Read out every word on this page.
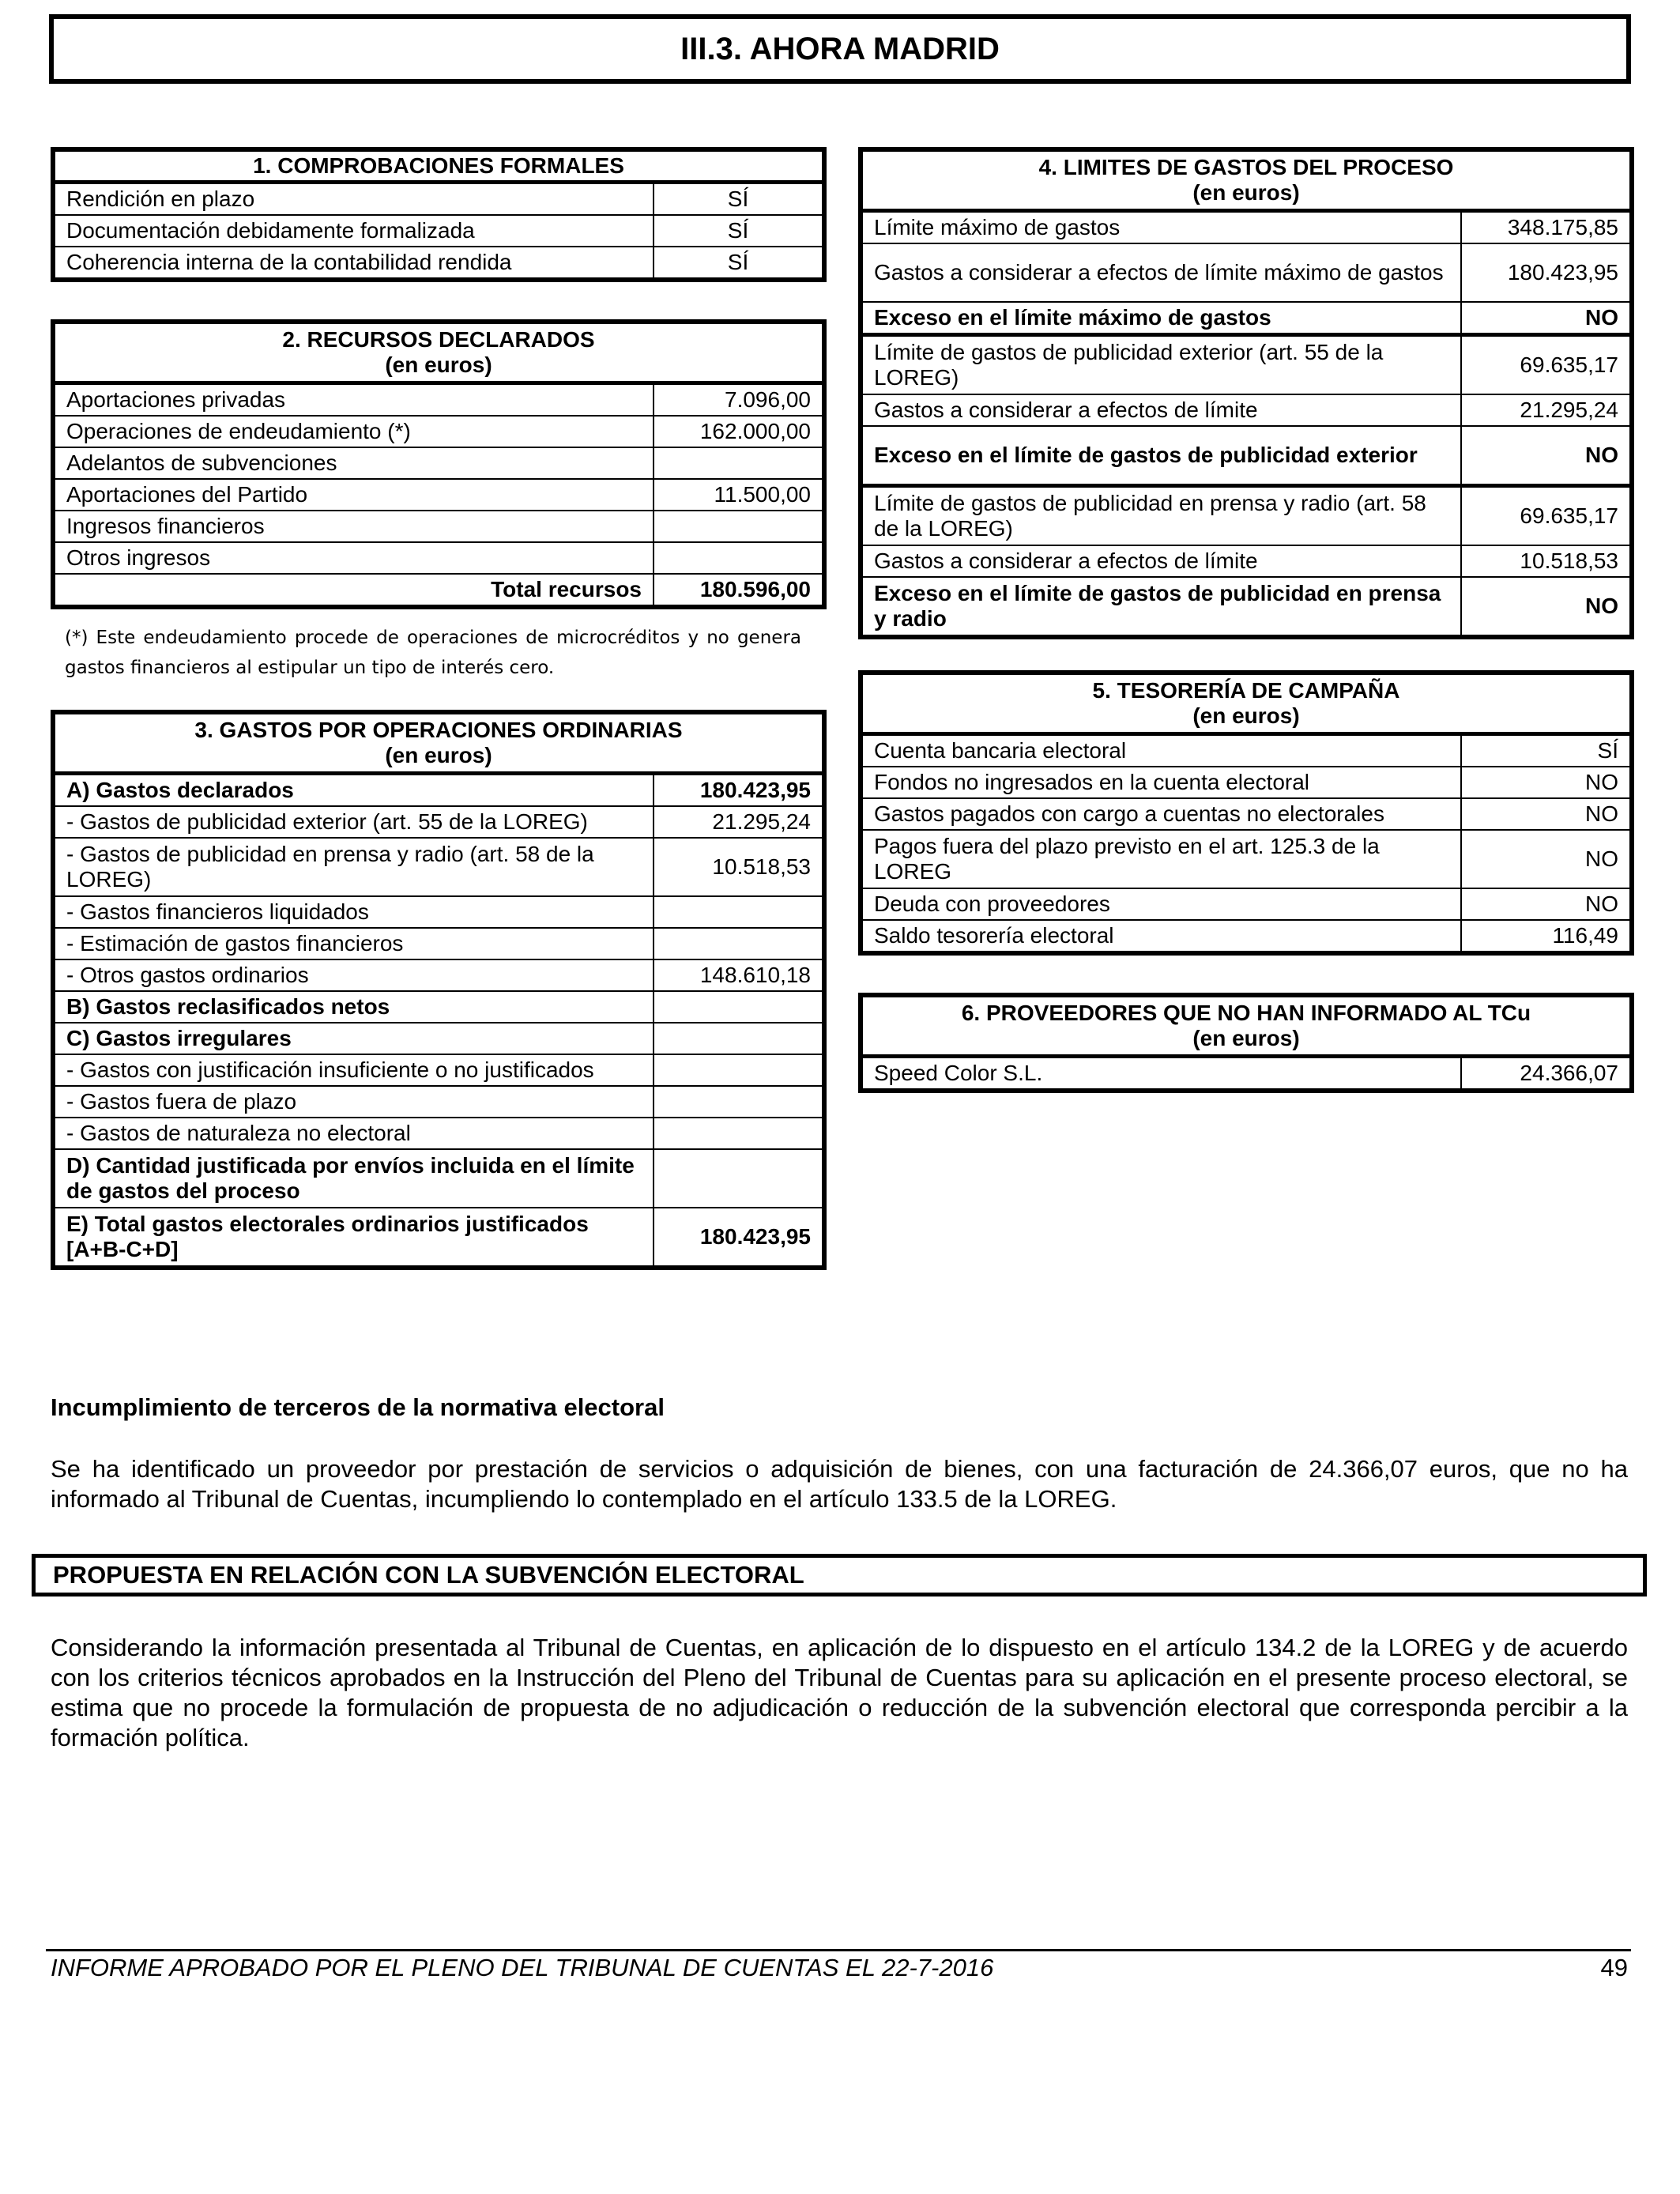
III.3. AHORA MADRID
1. COMPROBACIONES FORMALES	
Rendición en plazo	SÍ
Documentación debidamente formalizada	SÍ
Coherencia interna de la contabilidad rendida	SÍ
2. RECURSOS DECLARADOS
(en euros)	

Aportaciones privadas	7.096,00
Operaciones de endeudamiento (*)	162.000,00
Adelantos de subvenciones	
Aportaciones del Partido	11.500,00
Ingresos financieros	
Otros ingresos	
Total recursos	180.596,00
(*) Este endeudamiento procede de operaciones de microcréditos y no genera gastos financieros al estipular un tipo de interés cero.
3. GASTOS POR OPERACIONES ORDINARIAS
(en euros)	

A) Gastos declarados	180.423,95
- Gastos de publicidad exterior (art. 55 de la LOREG)	21.295,24
- Gastos de publicidad en prensa y radio (art. 58 de la LOREG)	10.518,53
- Gastos financieros liquidados	
- Estimación de gastos financieros	
- Otros gastos ordinarios	148.610,18
B) Gastos reclasificados netos	
C) Gastos irregulares	
- Gastos con justificación insuficiente o no justificados	
- Gastos fuera de plazo	
- Gastos de naturaleza no electoral	
D) Cantidad justificada por envíos incluida en el límite de gastos del proceso	
E) Total gastos electorales ordinarios justificados [A+B-C+D]	180.423,95
4. LIMITES DE GASTOS DEL PROCESO
(en euros)	

Límite máximo de gastos	348.175,85
Gastos a considerar a efectos de límite máximo de gastos	180.423,95
Exceso en el límite máximo de gastos	NO
Límite de gastos de publicidad exterior (art. 55 de la LOREG)	69.635,17
Gastos a considerar a efectos de límite	21.295,24
Exceso en el límite de gastos de publicidad exterior	NO
Límite de gastos de publicidad en prensa y radio (art. 58 de la LOREG)	69.635,17
Gastos a considerar a efectos de límite	10.518,53
Exceso en el límite de gastos de publicidad en prensa y radio	NO
5. TESORERÍA DE CAMPAÑA
(en euros)	

Cuenta bancaria electoral	SÍ
Fondos no ingresados en la cuenta electoral	NO
Gastos pagados con cargo a cuentas no electorales	NO
Pagos fuera del plazo previsto en el art. 125.3 de la LOREG	NO
Deuda con proveedores	NO
Saldo tesorería electoral	116,49
6. PROVEEDORES QUE NO HAN INFORMADO AL TCu
(en euros)

Speed Color S.L.	24.366,07
Incumplimiento de terceros de la normativa electoral
Se ha identificado un proveedor por prestación de servicios o adquisición de bienes, con una facturación de 24.366,07 euros, que no ha informado al Tribunal de Cuentas, incumpliendo lo contemplado en el artículo 133.5 de la LOREG.
PROPUESTA EN RELACIÓN CON LA SUBVENCIÓN ELECTORAL
Considerando la información presentada al Tribunal de Cuentas, en aplicación de lo dispuesto en el artículo 134.2 de la LOREG y de acuerdo con los criterios técnicos aprobados en la Instrucción del Pleno del Tribunal de Cuentas para su aplicación en el presente proceso electoral, se estima que no procede la formulación de propuesta de no adjudicación o reducción de la subvención electoral que corresponda percibir a la formación política.
INFORME APROBADO POR EL PLENO DEL TRIBUNAL DE CUENTAS EL 22-7-2016	49
